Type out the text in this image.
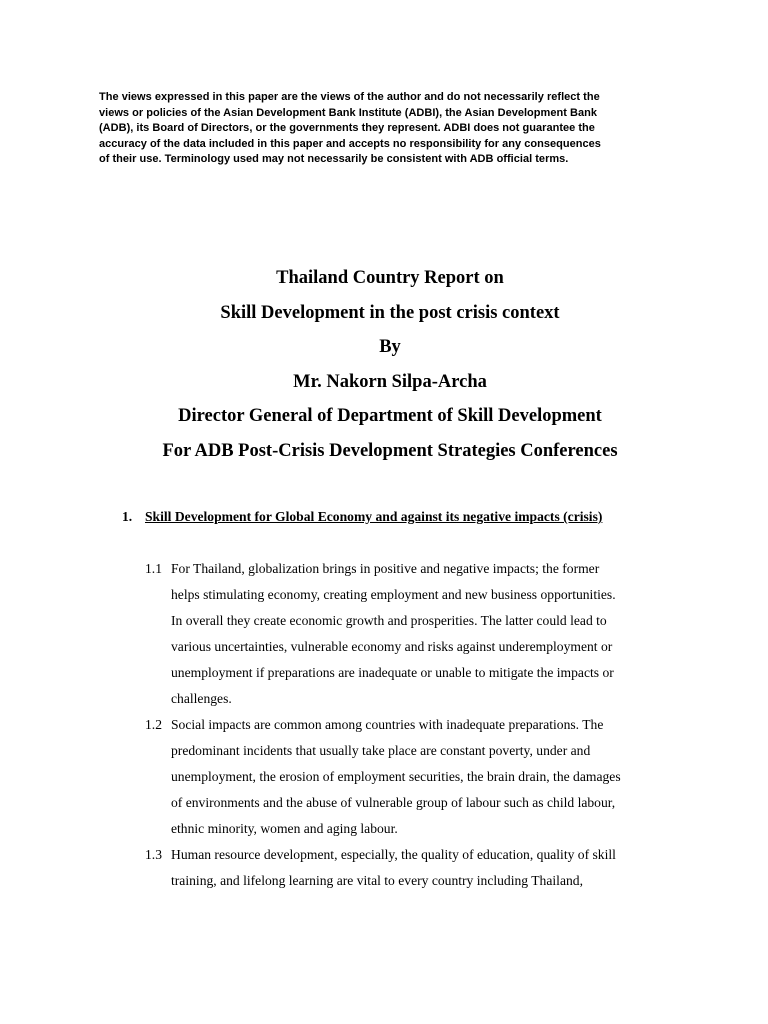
The views expressed in this paper are the views of the author and do not necessarily reflect the
views or policies of the Asian Development Bank Institute (ADBI), the Asian Development Bank
(ADB), its Board of Directors, or the governments they represent. ADBI does not guarantee the
accuracy of the data included in this paper and accepts no responsibility for any consequences
of their use. Terminology used may not necessarily be consistent with ADB official terms.
Thailand Country Report on
Skill Development in the post crisis context
By
Mr. Nakorn Silpa-Archa
Director General of Department of Skill Development
For ADB Post-Crisis Development Strategies Conferences
1. Skill Development for Global Economy and against its negative impacts (crisis)
1.1 For Thailand, globalization brings in positive and negative impacts; the former
helps stimulating economy, creating employment and new business opportunities.
In overall they create economic growth and prosperities. The latter could lead to
various uncertainties, vulnerable economy and risks against underemployment or
unemployment if preparations are inadequate or unable to mitigate the impacts or
challenges.
1.2 Social impacts are common among countries with inadequate preparations. The
predominant incidents that usually take place are constant poverty, under and
unemployment, the erosion of employment securities, the brain drain, the damages
of environments and the abuse of vulnerable group of labour such as child labour,
ethnic minority, women and aging labour.
1.3 Human resource development, especially, the quality of education, quality of skill
training, and lifelong learning are vital to every country including Thailand,
